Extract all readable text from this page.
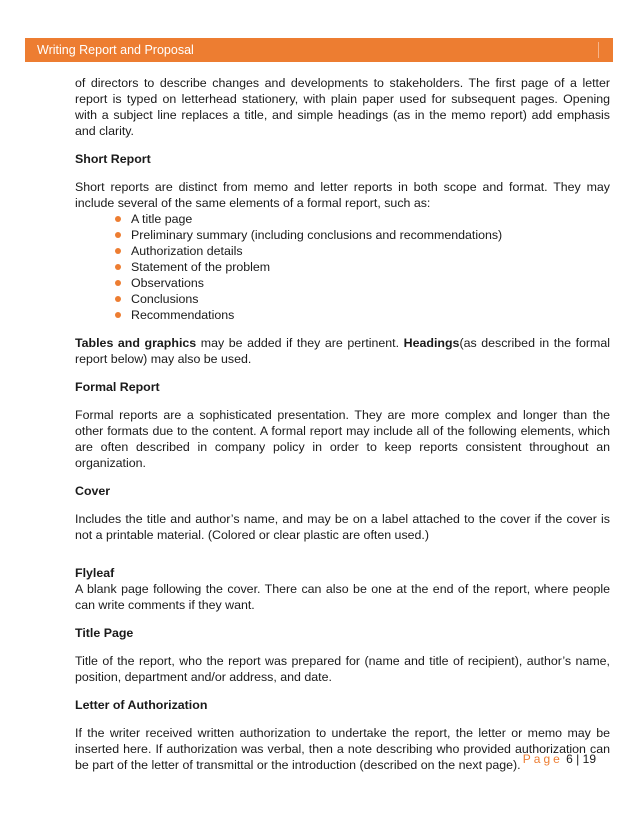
Writing Report and Proposal

of directors to describe changes and developments to stakeholders. The first page of a letter report is typed on letterhead stationery, with plain paper used for subsequent pages. Opening with a subject line replaces a title, and simple headings (as in the memo report) add emphasis and clarity.

Short Report

Short reports are distinct from memo and letter reports in both scope and format. They may include several of the same elements of a formal report, such as:

A title page
Preliminary summary (including conclusions and recommendations)
Authorization details
Statement of the problem
Observations
Conclusions
Recommendations

Tables and graphics may be added if they are pertinent. Headings(as described in the formal report below) may also be used.

Formal Report

Formal reports are a sophisticated presentation. They are more complex and longer than the other formats due to the content. A formal report may include all of the following elements, which are often described in company policy in order to keep reports consistent throughout an organization.

Cover

Includes the title and author’s name, and may be on a label attached to the cover if the cover is not a printable material. (Colored or clear plastic are often used.)

Flyleaf

A blank page following the cover. There can also be one at the end of the report, where people can write comments if they want.

Title Page

Title of the report, who the report was prepared for (name and title of recipient), author’s name, position, department and/or address, and date.

Letter of Authorization

If the writer received written authorization to undertake the report, the letter or memo may be inserted here. If authorization was verbal, then a note describing who provided authorization can be part of the letter of transmittal or the introduction (described on the next page). Page 6 | 19
